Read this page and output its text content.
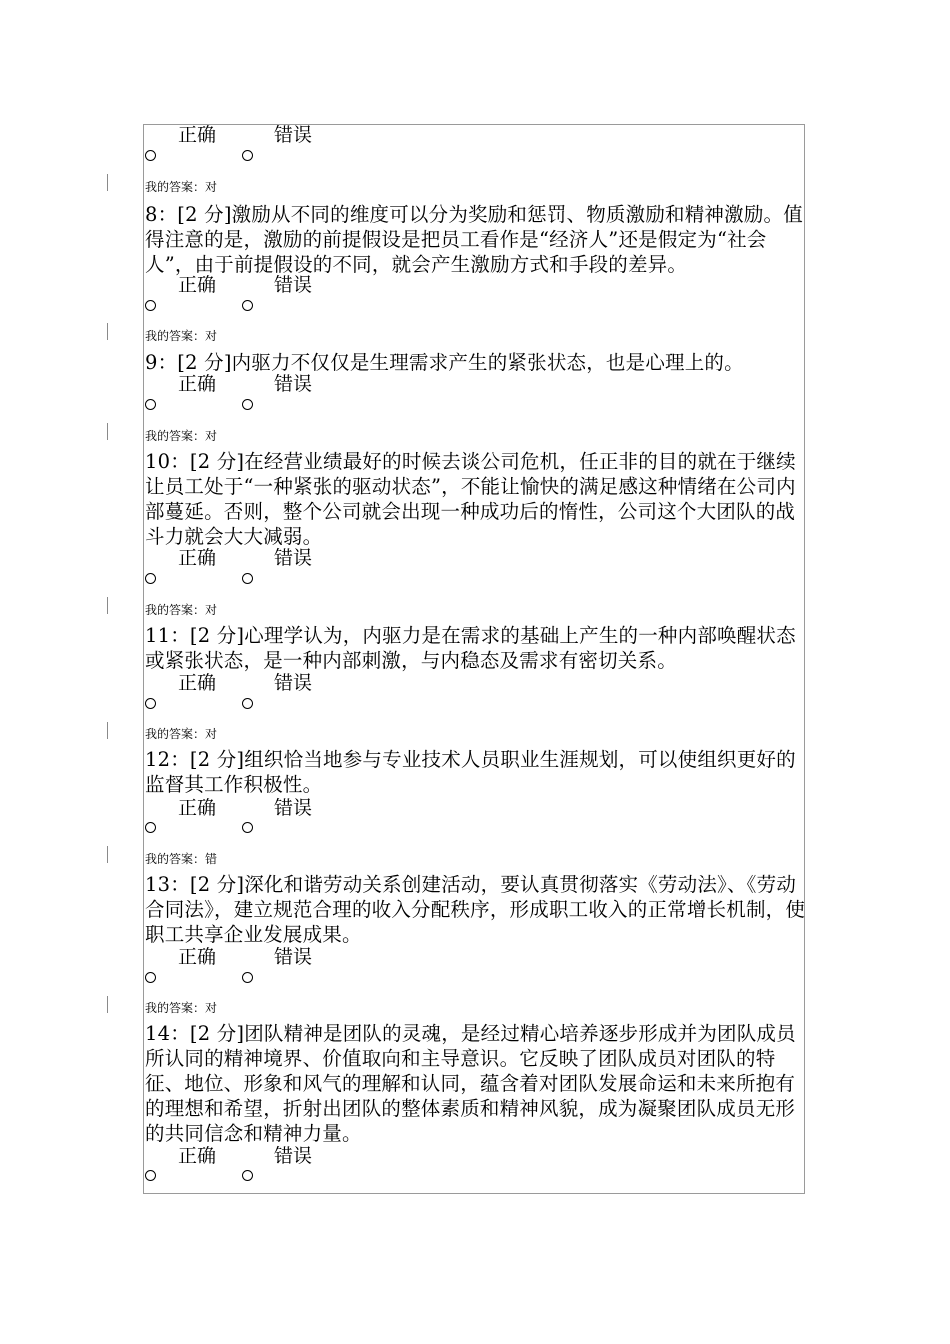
正确	错误
我的答案：对
8：[2 分]激励从不同的维度可以分为奖励和惩罚、物质激励和精神激励。值得注意的是，激励的前提假设是把员工看作是“经济人”还是假定为“社会人”，由于前提假设的不同，就会产生激励方式和手段的差异。
正确	错误
我的答案：对
9：[2 分]内驱力不仅仅是生理需求产生的紧张状态，也是心理上的。
正确	错误
我的答案：对
10：[2 分]在经营业绩最好的时候去谈公司危机，任正非的目的就在于继续让员工处于“一种紧张的驱动状态”，不能让愉快的满足感这种情绪在公司内部蔓延。否则，整个公司就会出现一种成功后的惰性，公司这个大团队的战斗力就会大大减弱。
正确	错误
我的答案：对
11：[2 分]心理学认为，内驱力是在需求的基础上产生的一种内部唤醒状态或紧张状态，是一种内部刺激，与内稳态及需求有密切关系。
正确	错误
我的答案：对
12：[2 分]组织恰当地参与专业技术人员职业生涯规划，可以使组织更好的监督其工作积极性。
正确	错误
我的答案：错
13：[2 分]深化和谐劳动关系创建活动，要认真贯彻落实《劳动法》、《劳动合同法》，建立规范合理的收入分配秩序，形成职工收入的正常增长机制，使职工共享企业发展成果。
正确	错误
我的答案：对
14：[2 分]团队精神是团队的灵魂，是经过精心培养逐步形成并为团队成员所认同的精神境界、价值取向和主导意识。它反映了团队成员对团队的特征、地位、形象和风气的理解和认同，蕴含着对团队发展命运和未来所抱有的理想和希望，折射出团队的整体素质和精神风貌，成为凝聚团队成员无形的共同信念和精神力量。
正确	错误
